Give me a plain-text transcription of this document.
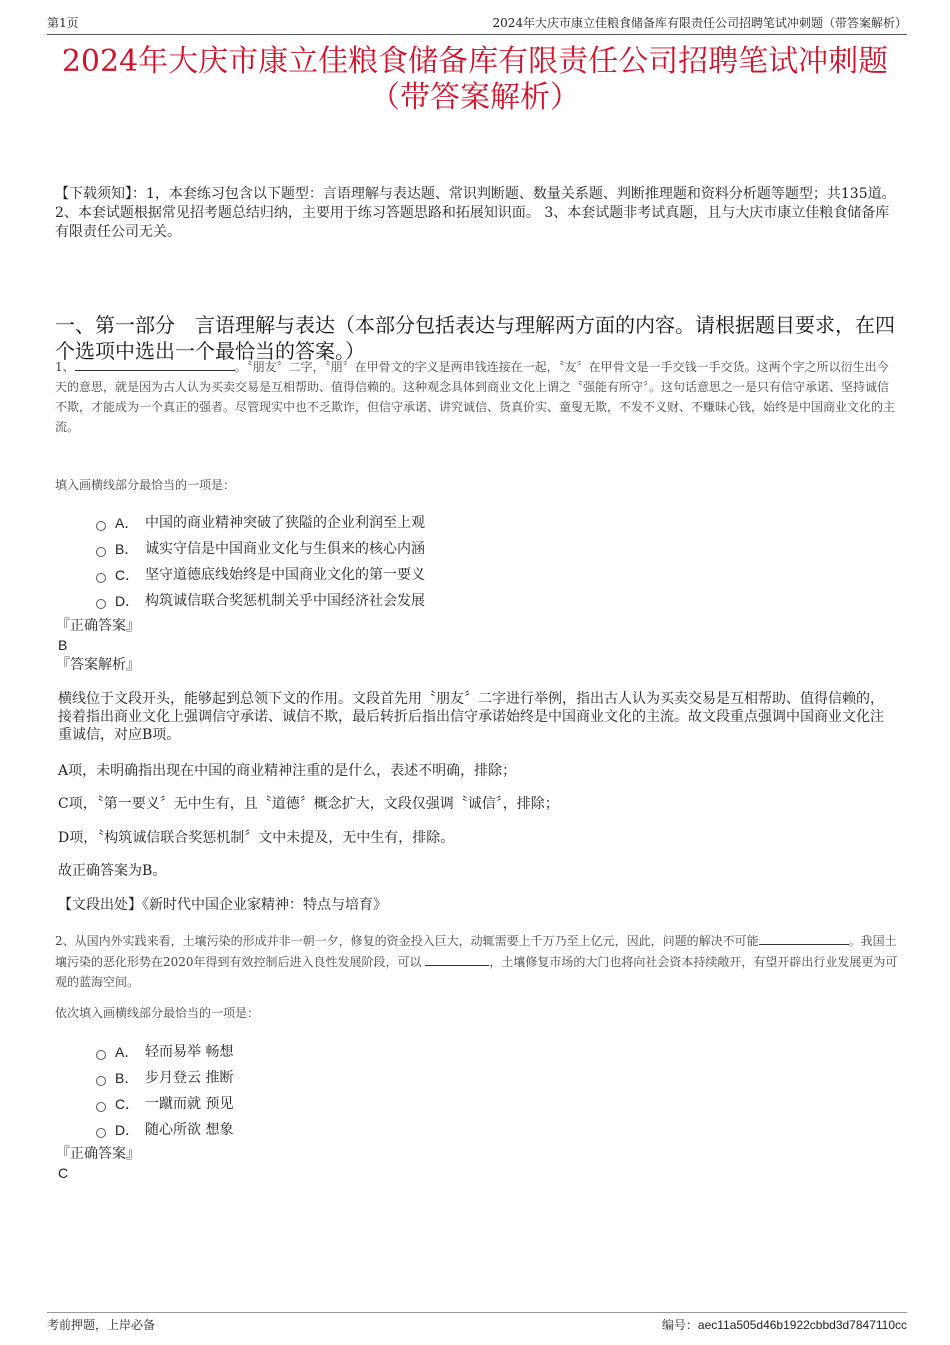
第1页	2024年大庆市康立佳粮食储备库有限责任公司招聘笔试冲刺题（带答案解析）
2024年大庆市康立佳粮食储备库有限责任公司招聘笔试冲刺题
（带答案解析）

【下载须知】：1，本套练习包含以下题型：言语理解与表达题、常识判断题、数量关系题、判断推理题和资料分析题等题型；共135道。 2、本套试题根据常见招考题总结归纳，主要用于练习答题思路和拓展知识面。 3、本套试题非考试真题，且与大庆市康立佳粮食储备库有限责任公司无关。

一、第一部分　言语理解与表达（本部分包括表达与理解两方面的内容。请根据题目要求，在四个选项中选出一个最恰当的答案。）

1、	。〝朋友〞二字，〝朋〞在甲骨文的字义是两串钱连接在一起，〝友〞在甲骨文是一手交钱一手交货。这两个字之所以衍生出今天的意思，就是因为古人认为买卖交易是互相帮助、值得信赖的。这种观念具体到商业文化上谓之〝强能有所守〞。这句话意思之一是只有信守承诺、坚持诚信不欺，才能成为一个真正的强者。尽管现实中也不乏欺诈，但信守承诺、讲究诚信、货真价实、童叟无欺，不发不义财、不赚昧心钱，始终是中国商业文化的主流。

填入画横线部分最恰当的一项是：

A． 中国的商业精神突破了狭隘的企业利润至上观
B． 诚实守信是中国商业文化与生俱来的核心内涵
C． 坚守道德底线始终是中国商业文化的第一要义
D． 构筑诚信联合奖惩机制关乎中国经济社会发展

『正确答案』

B

『答案解析』

横线位于文段开头，能够起到总领下文的作用。文段首先用〝朋友〞二字进行举例，指出古人认为买卖交易是互相帮助、值得信赖的，接着指出商业文化上强调信守承诺、诚信不欺，最后转折后指出信守承诺始终是中国商业文化的主流。故文段重点强调中国商业文化注重诚信，对应B项。

A项，未明确指出现在中国的商业精神注重的是什么，表述不明确，排除；

C项，〝第一要义〞无中生有，且〝道德〞概念扩大，文段仅强调〝诚信〞，排除；

D项，〝构筑诚信联合奖惩机制〞文中未提及，无中生有，排除。

故正确答案为B。

【文段出处】《新时代中国企业家精神：特点与培育》

2、从国内外实践来看，土壤污染的形成并非一朝一夕，修复的资金投入巨大，动辄需要上千万乃至上亿元，因此，问题的解决不可能	。我国土壤污染的恶化形势在2020年得到有效控制后进入良性发展阶段，可以	，土壤修复市场的大门也将向社会资本持续敞开，有望开辟出行业发展更为可观的蓝海空间。

依次填入画横线部分最恰当的一项是：

A． 轻而易举 畅想
B． 步月登云 推断
C． 一蹴而就 预见
D． 随心所欲 想象

『正确答案』

C

考前押题，上岸必备	编号：aec11a505d46b1922cbbd3d7847110cc
